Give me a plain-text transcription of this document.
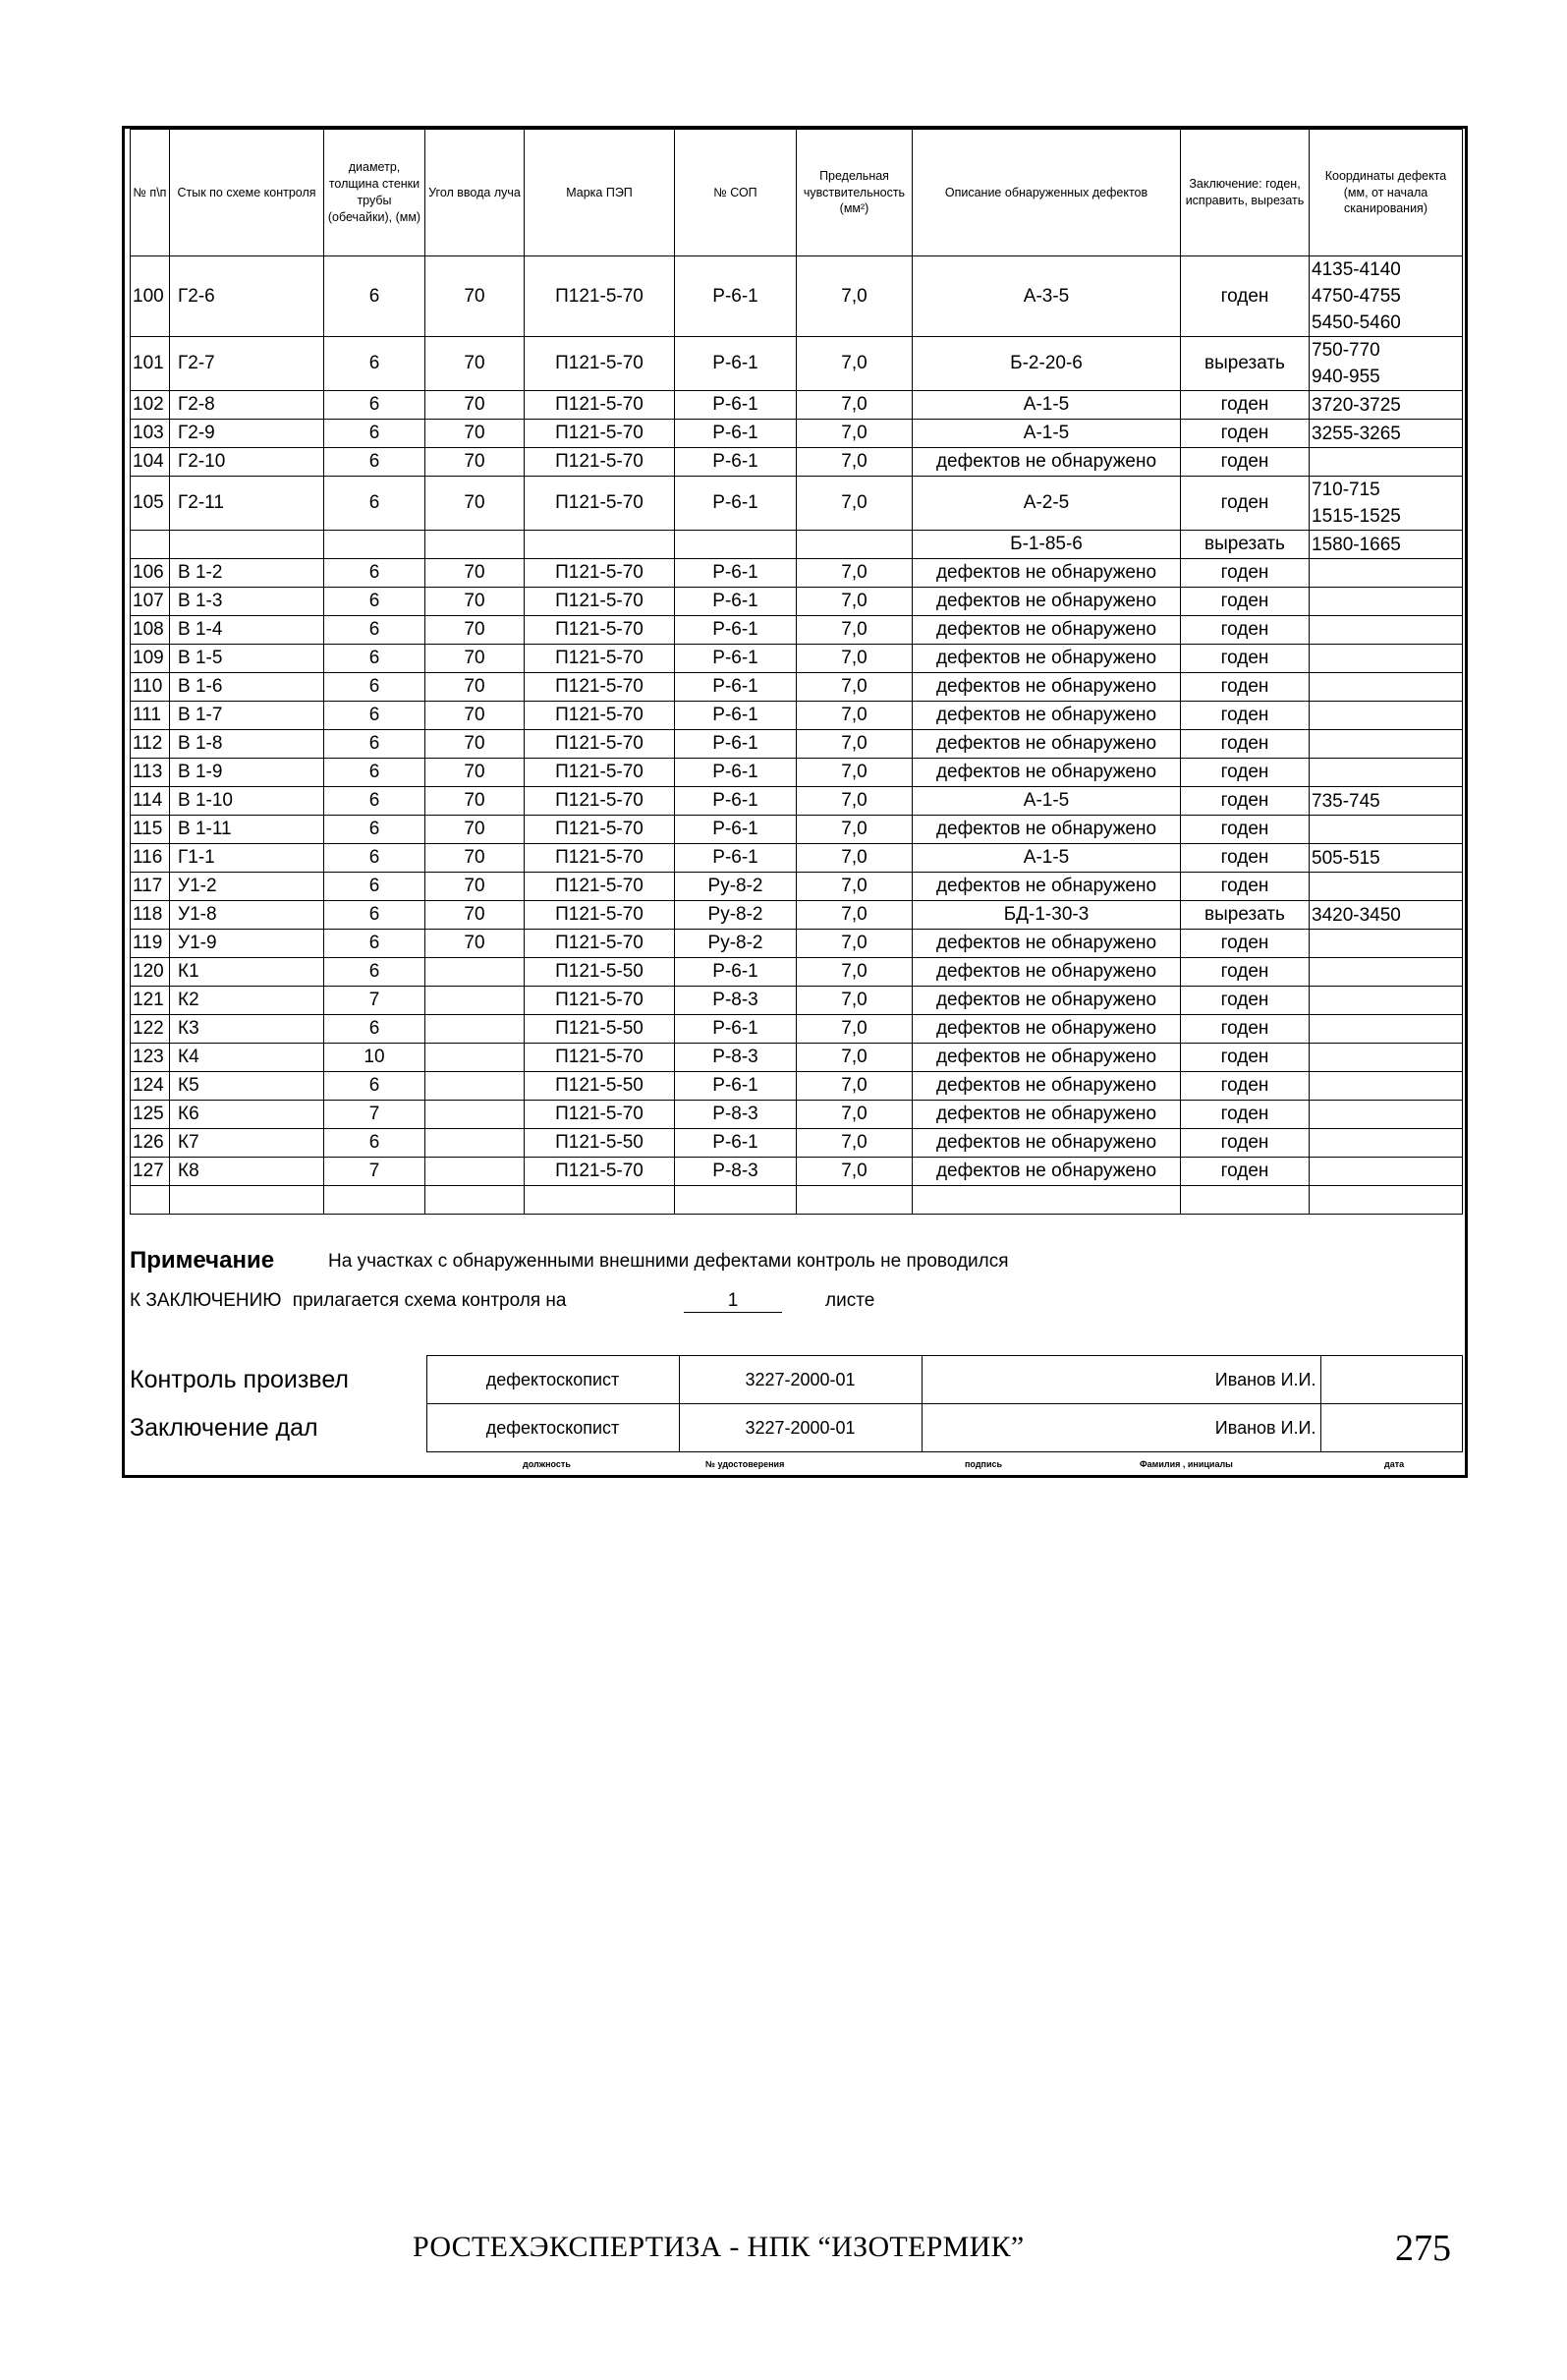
№ п\п	Стык по схеме контроля	диаметр, толщина стенки трубы (обечайки), (мм)	Угол ввода луча	Марка ПЭП	№ СОП	Предельная чувствительность (мм²)	Описание обнаруженных дефектов	Заключение: годен, исправить, вырезать	Координаты дефекта (мм, от начала сканирования)
100	Г2-6	6	70	П121-5-70	Р-6-1	7,0	А-3-5	годен	4135-4140
4750-4755
5450-5460

101	Г2-7	6	70	П121-5-70	Р-6-1	7,0	Б-2-20-6	вырезать	750-770
940-955

102	Г2-8	6	70	П121-5-70	Р-6-1	7,0	А-1-5	годен	3720-3725

103	Г2-9	6	70	П121-5-70	Р-6-1	7,0	А-1-5	годен	3255-3265

104	Г2-10	6	70	П121-5-70	Р-6-1	7,0	дефектов не обнаружено	годен	
105	Г2-11	6	70	П121-5-70	Р-6-1	7,0	А-2-5	годен	710-715
1515-1525

							Б-1-85-6	вырезать	1580-1665

106	В 1-2	6	70	П121-5-70	Р-6-1	7,0	дефектов не обнаружено	годен	
107	В 1-3	6	70	П121-5-70	Р-6-1	7,0	дефектов не обнаружено	годен	
108	В 1-4	6	70	П121-5-70	Р-6-1	7,0	дефектов не обнаружено	годен	
109	В 1-5	6	70	П121-5-70	Р-6-1	7,0	дефектов не обнаружено	годен	
110	В 1-6	6	70	П121-5-70	Р-6-1	7,0	дефектов не обнаружено	годен	
111	В 1-7	6	70	П121-5-70	Р-6-1	7,0	дефектов не обнаружено	годен	
112	В 1-8	6	70	П121-5-70	Р-6-1	7,0	дефектов не обнаружено	годен	
113	В 1-9	6	70	П121-5-70	Р-6-1	7,0	дефектов не обнаружено	годен	
114	В 1-10	6	70	П121-5-70	Р-6-1	7,0	А-1-5	годен	735-745

115	В 1-11	6	70	П121-5-70	Р-6-1	7,0	дефектов не обнаружено	годен	
116	Г1-1	6	70	П121-5-70	Р-6-1	7,0	А-1-5	годен	505-515

117	У1-2	6	70	П121-5-70	Ру-8-2	7,0	дефектов не обнаружено	годен	
118	У1-8	6	70	П121-5-70	Ру-8-2	7,0	БД-1-30-3	вырезать	3420-3450

119	У1-9	6	70	П121-5-70	Ру-8-2	7,0	дефектов не обнаружено	годен	
120	К1	6		П121-5-50	Р-6-1	7,0	дефектов не обнаружено	годен	
121	К2	7		П121-5-70	Р-8-3	7,0	дефектов не обнаружено	годен	
122	К3	6		П121-5-50	Р-6-1	7,0	дефектов не обнаружено	годен	
123	К4	10		П121-5-70	Р-8-3	7,0	дефектов не обнаружено	годен	
124	К5	6		П121-5-50	Р-6-1	7,0	дефектов не обнаружено	годен	
125	К6	7		П121-5-70	Р-8-3	7,0	дефектов не обнаружено	годен	
126	К7	6		П121-5-50	Р-6-1	7,0	дефектов не обнаружено	годен	
127	К8	7		П121-5-70	Р-8-3	7,0	дефектов не обнаружено	годен	

Примечание	На участках с обнаруженными внешними дефектами контроль не проводился
К ЗАКЛЮЧЕНИЮ прилагается схема контроля на	1	листе
Контроль произвел	дефектоскопист	3227-2000-01	Иванов И.И.	
Заключение дал	дефектоскопист	3227-2000-01	Иванов И.И.	
должность	№ удостоверения	подпись	Фамилия , инициалы	дата
РОСТЕХЭКСПЕРТИЗА - НПК “ИЗОТЕРМИК”	275
